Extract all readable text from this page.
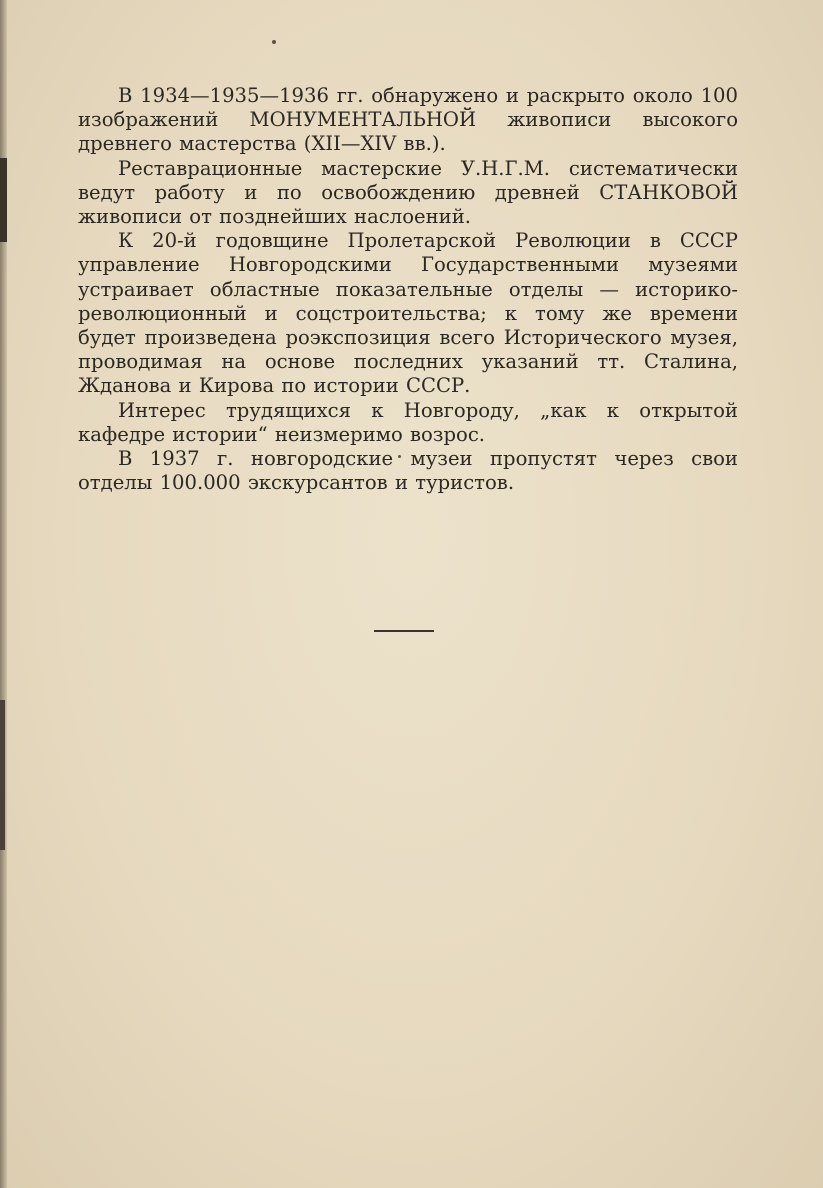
В 1934—1935—1936 гг. обнаружено и раскрыто около 100 изображений МОНУМЕНТАЛЬНОЙ живописи высокого древнего мастерства (XII—XIV вв.).

Реставрационные мастерские У.Н.Г.М. систематически ведут работу и по освобождению древней СТАНКОВОЙ живописи от позднейших наслоений.

К 20-й годовщине Пролетарской Революции в СССР управление Новгородскими Государственными музеями устраивает областные показательные отделы — историко-революционный и соцстроительства; к тому же времени будет произведена роэкспозиция всего Исторического музея, проводимая на основе последних указаний тт. Сталина, Жданова и Кирова по истории СССР.

Интерес трудящихся к Новгороду, „как к открытой кафедре истории“ неизмеримо возрос.

В 1937 г. новгородские музеи пропустят через свои отделы 100.000 экскурсантов и туристов.
